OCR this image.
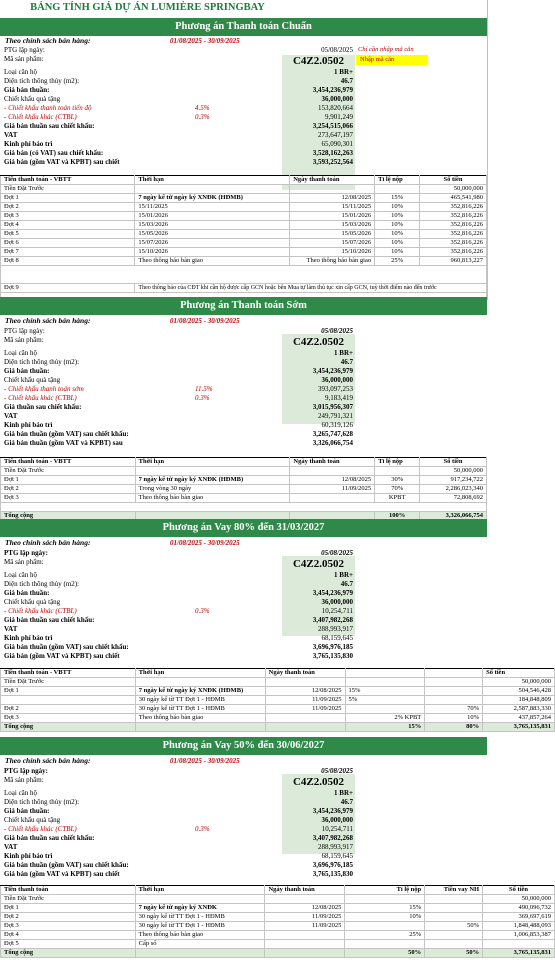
BẢNG TÍNH GIÁ DỰ ÁN LUMIÈRE SPRINGBAY
Phương án Thanh toán Chuẩn
Theo chính sách bán hàng:	01/08/2025 - 30/09/2025
PTG lập ngày:	05/08/2025 Chỉ cần nhập mã căn
Mã sản phẩm:	C4Z2.0502	Nhập mã căn
Loại căn hộ	1 BR+
Diện tích thông thủy (m2):	46.7
Giá bán thuần:	3,454,236,979
Chiết khấu quà tặng	36,000,000
- Chiết khấu thanh toán tiến độ	4.5%	153,820,664
- Chiết khấu khác (CTBL)	0.3%	9,901,249
Giá bán thuần sau chiết khấu:	3,254,515,066
VAT	273,647,197
Kinh phí bảo trì	65,090,301
Giá bán (có VAT) sau chiết khấu:	3,528,162,263
Giá bán (gồm VAT và KPBT) sau chiết	3,593,252,564
Tiến thanh toán - VBTT	Thời hạn	Ngày thanh toán	Tỉ lệ nộp	Số tiền
Tiền Đặt Trước				50,000,000
Đợt 1	7 ngày kể từ ngày ký XNĐK (HĐMB)	12/08/2025	15%	465,541,980
Đợt 2	15/11/2025	15/11/2025	10%	352,816,226
Đợt 3	15/01/2026	15/01/2026	10%	352,816,226
Đợt 4	15/03/2026	15/03/2026	10%	352,816,226
Đợt 5	15/05/2026	15/05/2026	10%	352,816,226
Đợt 6	15/07/2026	15/07/2026	10%	352,816,226
Đợt 7	15/10/2026	15/10/2026	10%	352,816,226
Đợt 8	Theo thông báo bàn giao	Theo thông báo bàn giao	25%	960,813,227

Đợt 9	Theo thông báo của CĐT khi cần hộ được cấp GCN hoặc bên Mua tự làm thủ tục xin cấp GCN, tuỳ thời điểm nào đến trước			

Phương án Thanh toán Sớm
Theo chính sách bán hàng:	01/08/2025 - 30/09/2025
PTG lập ngày:	05/08/2025
Mã sản phẩm:	C4Z2.0502
Loại căn hộ	1 BR+
Diện tích thông thủy (m2):	46.7
Giá bán thuần:	3,454,236,979
Chiết khấu quà tặng	36,000,000
- Chiết khấu thanh toán sớm	11.5%	393,097,253
- Chiết khấu khác (CTBL)	0.3%	9,183,419
Giá thuần sau chiết khấu:	3,015,956,307
VAT	249,791,321
Kinh phí bảo trì	60,319,126
Giá bán thuần (gồm VAT) sau chiết khấu:	3,265,747,628
Giá bán thuần (gồm VAT và KPBT) sau	3,326,066,754
Tiến thanh toán - VBTT	Thời hạn	Ngày thanh toán	Tỉ lệ nộp	Số tiền
Tiền Đặt Trước				50,000,000
Đợt 1	7 ngày kể từ ngày ký XNĐK (HĐMB)	12/08/2025	30%	917,234,722
Đợt 2	Trong vòng 30 ngày	11/09/2025	70%	2,286,023,340
Đợt 3	Theo thông báo bàn giao		KPBT	72,808,692

Tổng cộng			100%	3,326,066,754
Phương án Vay 80% đến 31/03/2027
Theo chính sách bán hàng:	01/08/2025 - 30/09/2025
PTG lập ngày:	05/08/2025
Mã sản phẩm:	C4Z2.0502
Loại căn hộ	1 BR+
Diện tích thông thủy (m2):	46.7
Giá bán thuần:	3,454,236,979
Chiết khấu quà tặng	36,000,000
- Chiết khấu khác (CTBL)	0.3%	10,254,711
Giá bán thuần sau chiết khấu:	3,407,982,268
VAT	288,993,917
Kinh phí bảo trì	68,159,645
Giá bán thuần (gồm VAT) sau chiết khấu:	3,696,976,185
Giá bán (gồm VAT và KPBT) sau chiết	3,765,135,830
Tiền thanh toán - VBTT	Thời hạn	Ngày thanh toán			Số tiền
Tiền Đặt Trước					50,000,000
Đợt 1	7 ngày kể từ ngày ký XNĐK (HĐMB)	12/08/2025	15%		504,546,428
	30 ngày kể từ TT Đợt 1 - HĐMB	11/09/2025	5%		184,848,809
Đợt 2	30 ngày kể từ TT Đợt 1 - HĐMB	11/09/2025		70%	2,587,883,330
Đợt 3	Theo thông báo bàn giao		2% KPBT	10%	437,857,264
Tổng cộng			15%	80%	3,765,135,831
Phương án Vay 50% đến 30/06/2027
Theo chính sách bán hàng:	01/08/2025 - 30/09/2025
PTG lập ngày:	05/08/2025
Mã sản phẩm:	C4Z2.0502
Loại căn hộ	1 BR+
Diện tích thông thủy (m2):	46.7
Giá bán thuần:	3,454,236,979
Chiết khấu quà tặng	36,000,000
- Chiết khấu khác (CTBL)	0.3%	10,254,711
Giá bán thuần sau chiết khấu:	3,407,982,268
VAT	288,993,917
Kinh phí bảo trì	68,159,645
Giá bán thuần (gồm VAT) sau chiết khấu:	3,696,976,185
Giá bán (gồm VAT và KPBT) sau chiết	3,765,135,830
Tiền thanh toán	Thời hạn	Ngày thanh toán	Tỉ lệ nộp	Tiền vay NH	Số tiền
Tiền Đặt Trước					50,000,000
Đợt 1	7 ngày kể từ ngày ký XNĐK	12/08/2025	15%		490,096,732
Đợt 2	30 ngày kể từ TT Đợt 1 - HĐMB	11/09/2025	10%		369,697,619
Đợt 3	30 ngày kể từ TT Đợt 1 - HĐMB	11/09/2025		50%	1,848,488,093
Đợt 4	Theo thông báo bàn giao		25%		1,006,853,387
Đợt 5	Cấp sổ				
Tổng cộng			50%	50%	3,765,135,831
